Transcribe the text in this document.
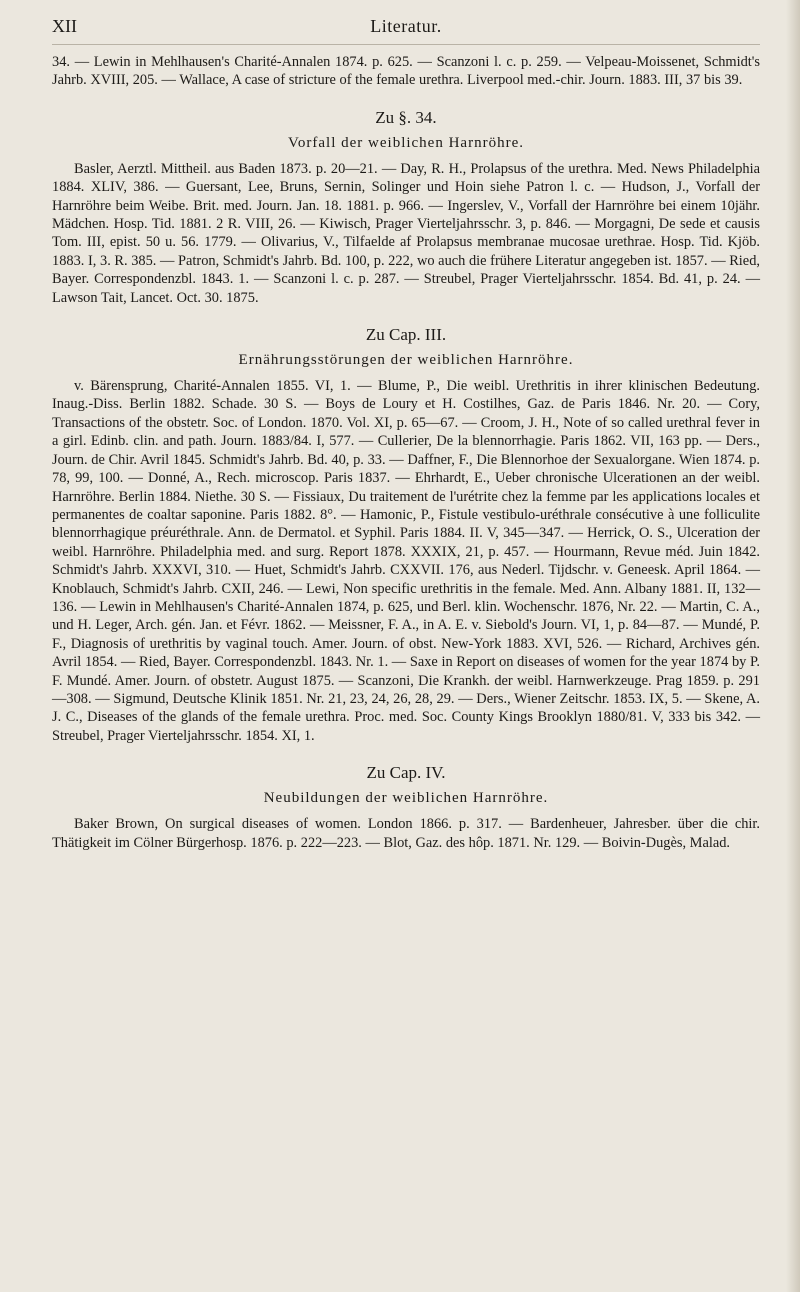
XII	Literatur.

34. — Lewin in Mehlhausen's Charité-Annalen 1874. p. 625. — Scanzoni l. c. p. 259. — Velpeau-Moissenet, Schmidt's Jahrb. XVIII, 205. — Wallace, A case of stricture of the female urethra. Liverpool med.-chir. Journ. 1883. III, 37 bis 39.

Zu §. 34.
Vorfall der weiblichen Harnröhre.

Basler, Aerztl. Mittheil. aus Baden 1873. p. 20—21. — Day, R. H., Prolapsus of the urethra. Med. News Philadelphia 1884. XLIV, 386. — Guersant, Lee, Bruns, Sernin, Solinger und Hoin siehe Patron l. c. — Hudson, J., Vorfall der Harnröhre beim Weibe. Brit. med. Journ. Jan. 18. 1881. p. 966. — Ingerslev, V., Vorfall der Harnröhre bei einem 10jähr. Mädchen. Hosp. Tid. 1881. 2 R. VIII, 26. — Kiwisch, Prager Vierteljahrsschr. 3, p. 846. — Morgagni, De sede et causis Tom. III, epist. 50 u. 56. 1779. — Olivarius, V., Tilfaelde af Prolapsus membranae mucosae urethrae. Hosp. Tid. Kjöb. 1883. I, 3. R. 385. — Patron, Schmidt's Jahrb. Bd. 100, p. 222, wo auch die frühere Literatur angegeben ist. 1857. — Ried, Bayer. Correspondenzbl. 1843. 1. — Scanzoni l. c. p. 287. — Streubel, Prager Vierteljahrsschr. 1854. Bd. 41, p. 24. — Lawson Tait, Lancet. Oct. 30. 1875.

Zu Cap. III.
Ernährungsstörungen der weiblichen Harnröhre.

v. Bärensprung, Charité-Annalen 1855. VI, 1. — Blume, P., Die weibl. Urethritis in ihrer klinischen Bedeutung. Inaug.-Diss. Berlin 1882. Schade. 30 S. — Boys de Loury et H. Costilhes, Gaz. de Paris 1846. Nr. 20. — Cory, Transactions of the obstetr. Soc. of London. 1870. Vol. XI, p. 65—67. — Croom, J. H., Note of so called urethral fever in a girl. Edinb. clin. and path. Journ. 1883/84. I, 577. — Cullerier, De la blennorrhagie. Paris 1862. VII, 163 pp. — Ders., Journ. de Chir. Avril 1845. Schmidt's Jahrb. Bd. 40, p. 33. — Daffner, F., Die Blennorhoe der Sexualorgane. Wien 1874. p. 78, 99, 100. — Donné, A., Rech. microscop. Paris 1837. — Ehrhardt, E., Ueber chronische Ulcerationen an der weibl. Harnröhre. Berlin 1884. Niethe. 30 S. — Fissiaux, Du traitement de l'urétrite chez la femme par les applications locales et permanentes de coaltar saponine. Paris 1882. 8°. — Hamonic, P., Fistule vestibulo-uréthrale consécutive à une folliculite blennorrhagique préuréthrale. Ann. de Dermatol. et Syphil. Paris 1884. II. V, 345—347. — Herrick, O. S., Ulceration der weibl. Harnröhre. Philadelphia med. and surg. Report 1878. XXXIX, 21, p. 457. — Hourmann, Revue méd. Juin 1842. Schmidt's Jahrb. XXXVI, 310. — Huet, Schmidt's Jahrb. CXXVII. 176, aus Nederl. Tijdschr. v. Geneesk. April 1864. — Knoblauch, Schmidt's Jahrb. CXII, 246. — Lewi, Non specific urethritis in the female. Med. Ann. Albany 1881. II, 132—136. — Lewin in Mehlhausen's Charité-Annalen 1874, p. 625, und Berl. klin. Wochenschr. 1876, Nr. 22. — Martin, C. A., und H. Leger, Arch. gén. Jan. et Févr. 1862. — Meissner, F. A., in A. E. v. Siebold's Journ. VI, 1, p. 84—87. — Mundé, P. F., Diagnosis of urethritis by vaginal touch. Amer. Journ. of obst. New-York 1883. XVI, 526. — Richard, Archives gén. Avril 1854. — Ried, Bayer. Correspondenzbl. 1843. Nr. 1. — Saxe in Report on diseases of women for the year 1874 by P. F. Mundé. Amer. Journ. of obstetr. August 1875. — Scanzoni, Die Krankh. der weibl. Harnwerkzeuge. Prag 1859. p. 291—308. — Sigmund, Deutsche Klinik 1851. Nr. 21, 23, 24, 26, 28, 29. — Ders., Wiener Zeitschr. 1853. IX, 5. — Skene, A. J. C., Diseases of the glands of the female urethra. Proc. med. Soc. County Kings Brooklyn 1880/81. V, 333 bis 342. — Streubel, Prager Vierteljahrsschr. 1854. XI, 1.

Zu Cap. IV.
Neubildungen der weiblichen Harnröhre.

Baker Brown, On surgical diseases of women. London 1866. p. 317. — Bardenheuer, Jahresber. über die chir. Thätigkeit im Cölner Bürgerhosp. 1876. p. 222—223. — Blot, Gaz. des hôp. 1871. Nr. 129. — Boivin-Dugès, Malad.
